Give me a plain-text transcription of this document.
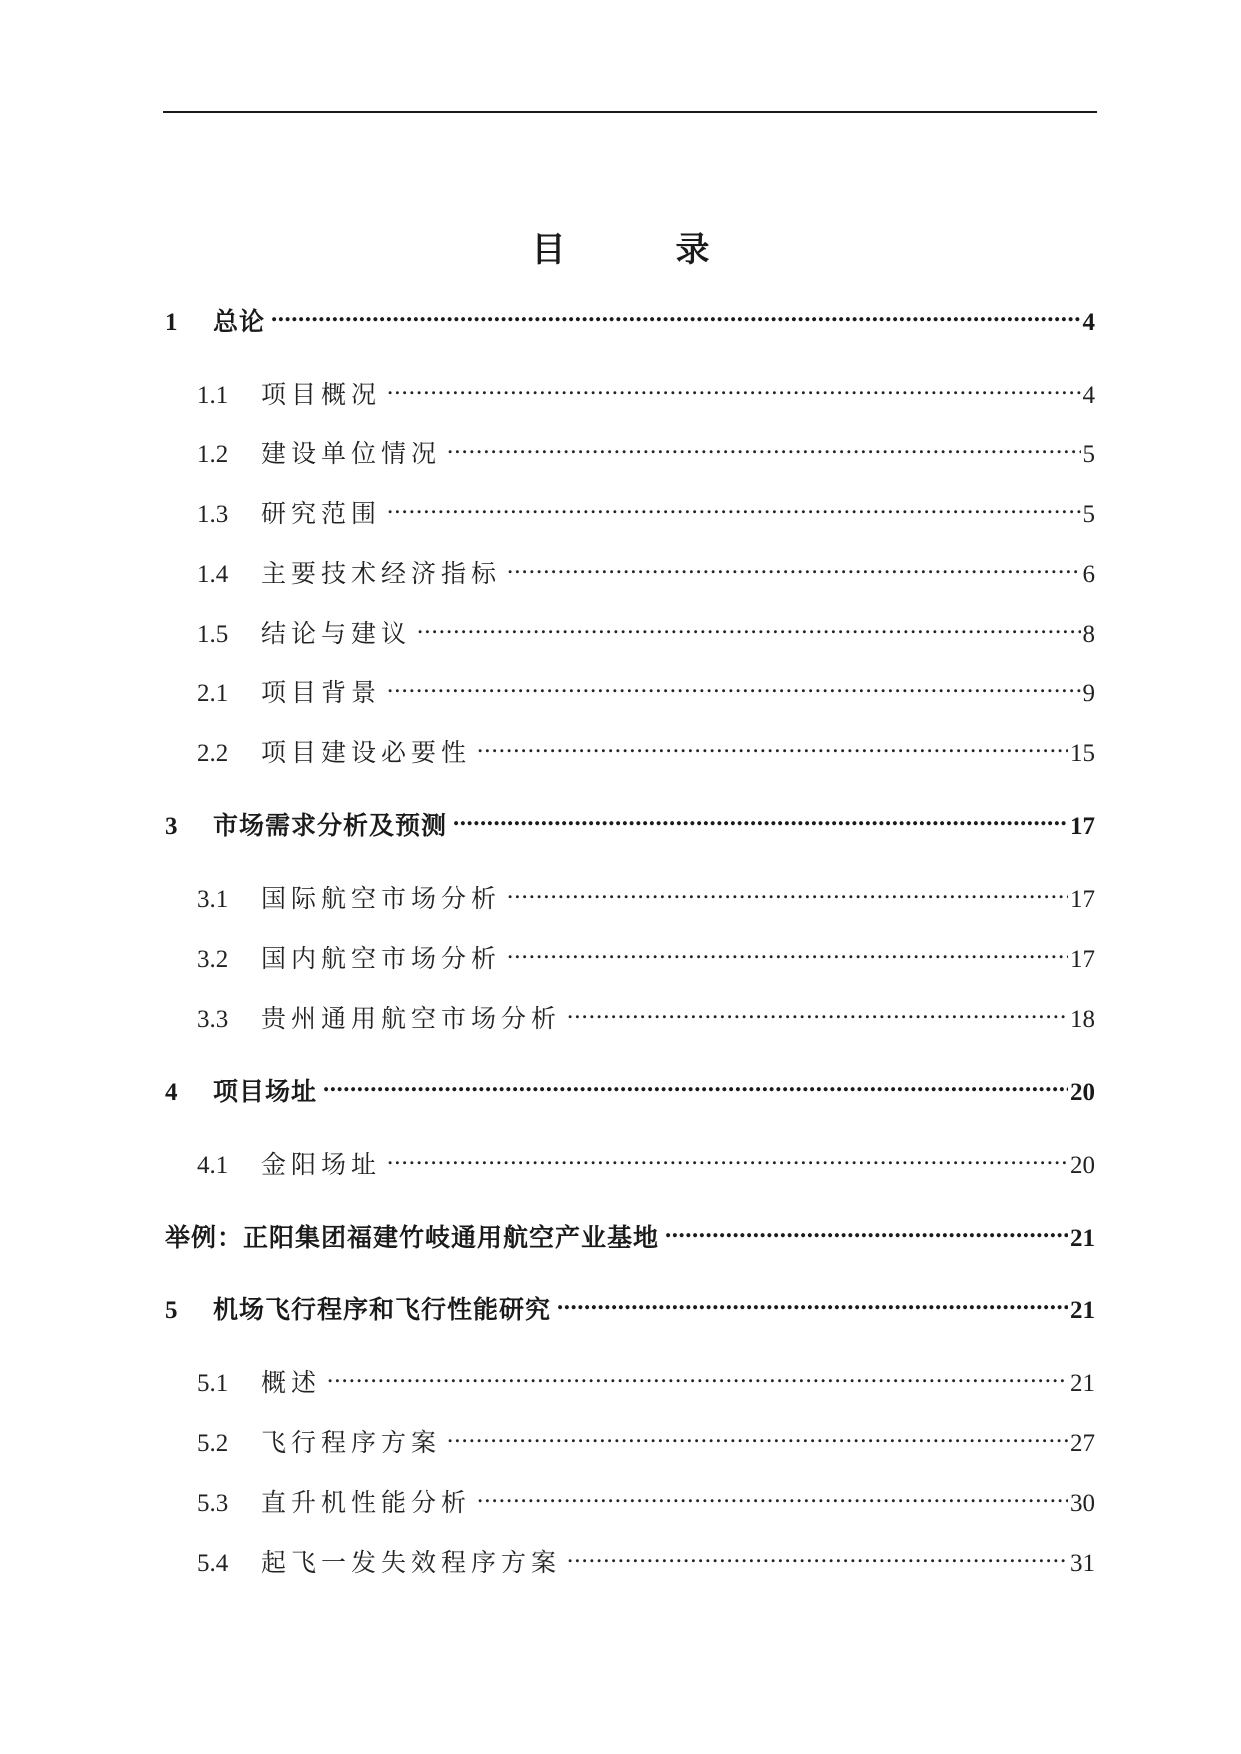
目　录
1	总论 .....	4
1.1	项目概况 .....	4
1.2	建设单位情况 .....	5
1.3	研究范围 .....	5
1.4	主要技术经济指标 .....	6
1.5	结论与建议 .....	8
2.1	项目背景 .....	9
2.2	项目建设必要性 .....	15
3	市场需求分析及预测 .....	17
3.1	国际航空市场分析 .....	17
3.2	国内航空市场分析 .....	17
3.3	贵州通用航空市场分析 .....	18
4	项目场址 .....	20
4.1	金阳场址 .....	20
举例：正阳集团福建竹岐通用航空产业基地 .....	21
5	机场飞行程序和飞行性能研究 .....	21
5.1	概述 .....	21
5.2	飞行程序方案 .....	27
5.3	直升机性能分析 .....	30
5.4	起飞一发失效程序方案 .....	31
